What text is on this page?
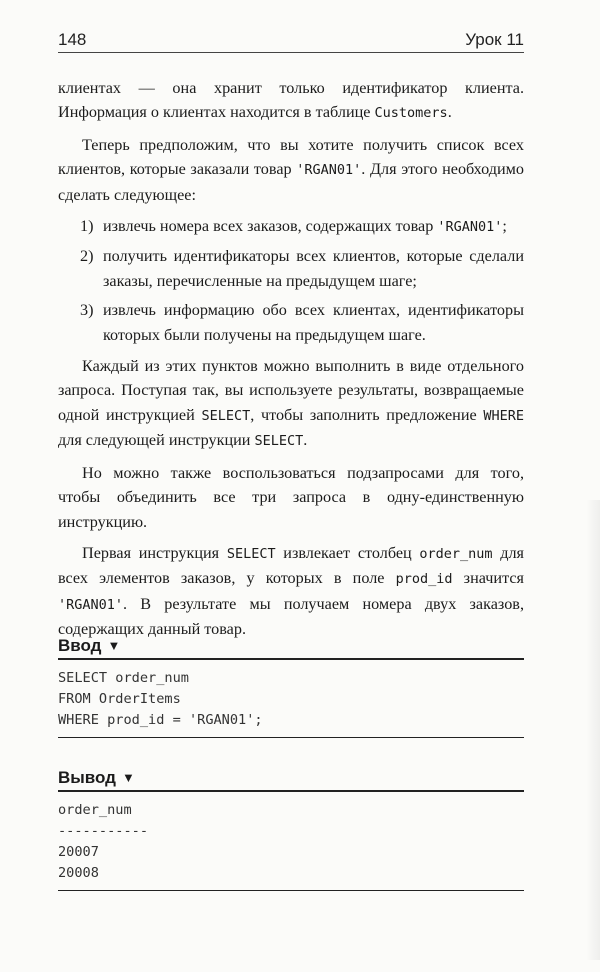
148	Урок 11

клиентах — она хранит только идентификатор клиента. Информация о клиентах находится в таблице Customers.

Теперь предположим, что вы хотите получить список всех клиентов, которые заказали товар 'RGAN01'. Для этого необходимо сделать следующее:

1) извлечь номера всех заказов, содержащих товар 'RGAN01';
2) получить идентификаторы всех клиентов, которые сделали заказы, перечисленные на предыдущем шаге;
3) извлечь информацию обо всех клиентах, идентификаторы которых были получены на предыдущем шаге.

Каждый из этих пунктов можно выполнить в виде отдельного запроса. Поступая так, вы используете результаты, возвращаемые одной инструкцией SELECT, чтобы заполнить предложение WHERE для следующей инструкции SELECT.

Но можно также воспользоваться подзапросами для того, чтобы объединить все три запроса в одну-единственную инструкцию.

Первая инструкция SELECT извлекает столбец order_num для всех элементов заказов, у которых в поле prod_id значится 'RGAN01'. В результате мы получаем номера двух заказов, содержащих данный товар.

Ввод ▼
SELECT order_num
FROM OrderItems
WHERE prod_id = 'RGAN01';
Вывод ▼
order_num
-----------
20007
20008
